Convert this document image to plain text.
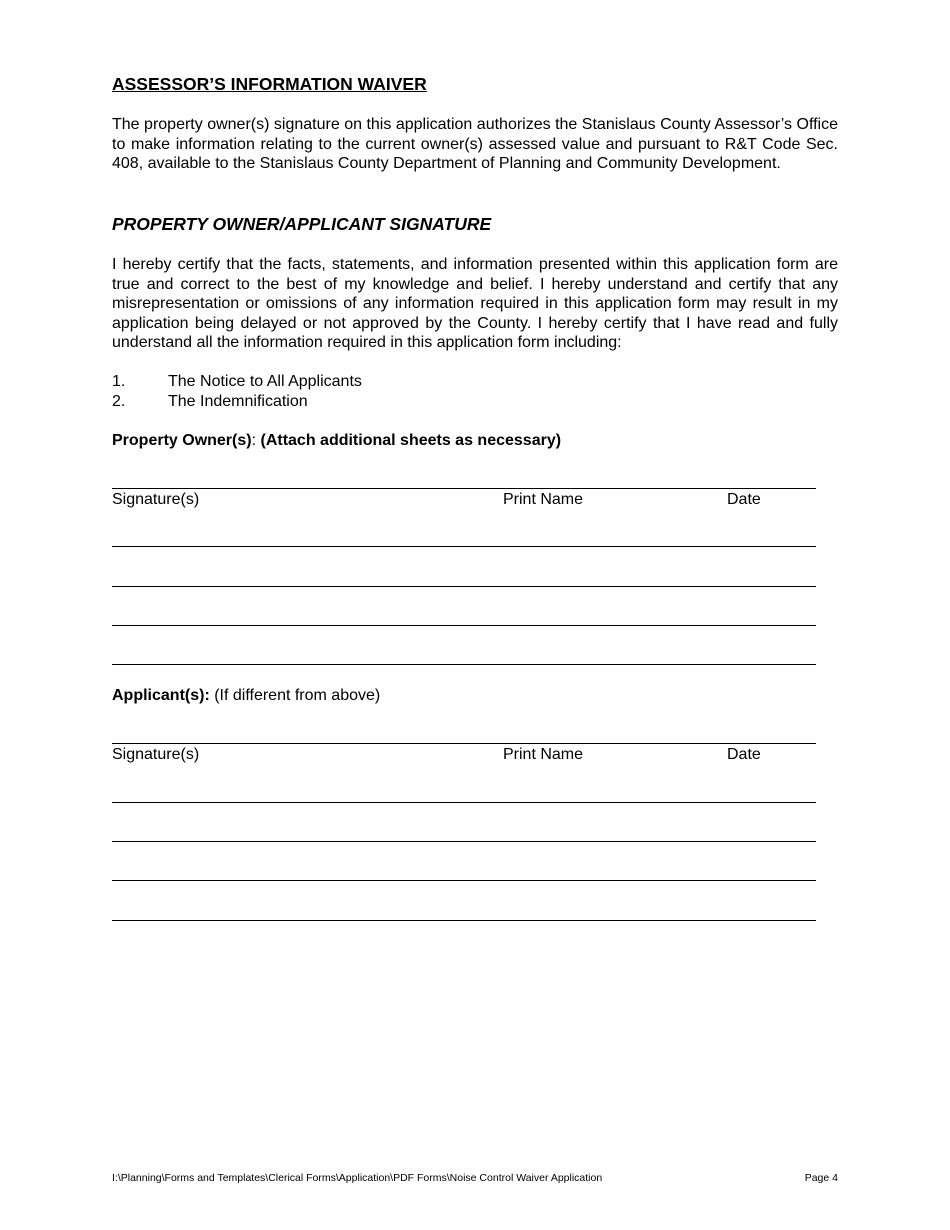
ASSESSOR’S INFORMATION WAIVER
The property owner(s) signature on this application authorizes the Stanislaus County Assessor’s Office to make information relating to the current owner(s) assessed value and pursuant to R&T Code Sec. 408, available to the Stanislaus County Department of Planning and Community Development.
PROPERTY OWNER/APPLICANT SIGNATURE
I hereby certify that the facts, statements, and information presented within this application form are true and correct to the best of my knowledge and belief. I hereby understand and certify that any misrepresentation or omissions of any information required in this application form may result in my application being delayed or not approved by the County. I hereby certify that I have read and fully understand all the information required in this application form including:
1.	The Notice to All Applicants
2.	The Indemnification
Property Owner(s): (Attach additional sheets as necessary)
Signature(s)	Print Name	Date
Applicant(s): (If different from above)
Signature(s)	Print Name	Date
I:\Planning\Forms and Templates\Clerical Forms\Application\PDF Forms\Noise Control Waiver Application	Page 4
